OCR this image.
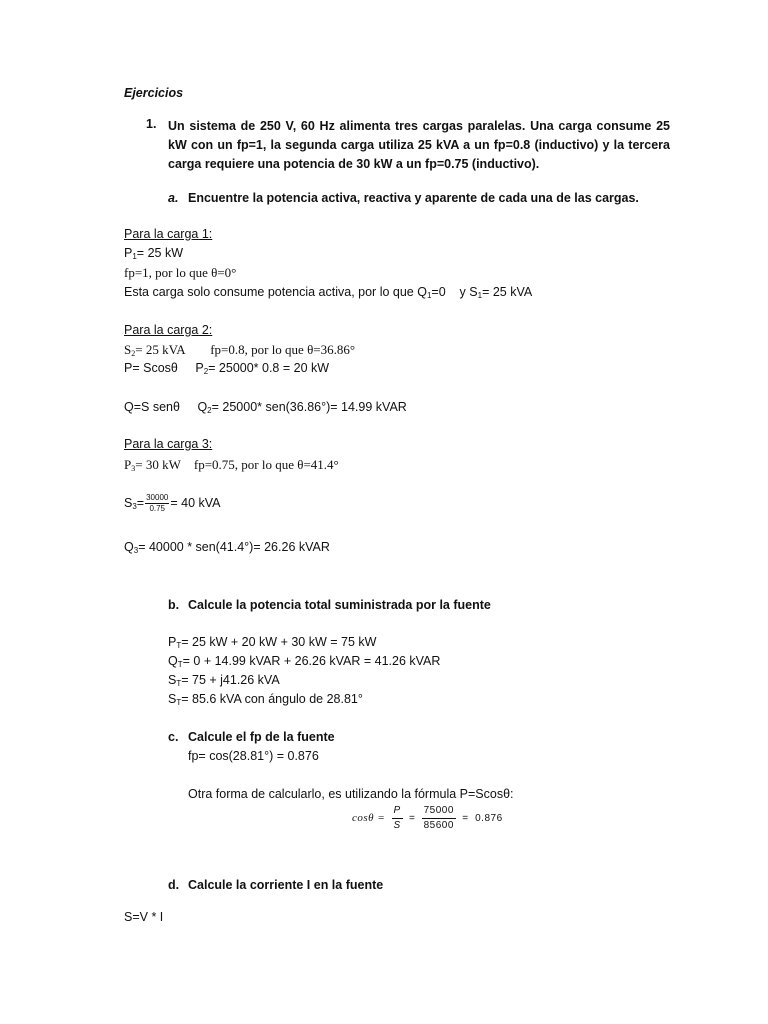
Ejercicios
1. Un sistema de 250 V, 60 Hz alimenta tres cargas paralelas. Una carga consume 25 kW con un fp=1, la segunda carga utiliza 25 kVA a un fp=0.8 (inductivo) y la tercera carga requiere una potencia de 30 kW a un fp=0.75 (inductivo).
a. Encuentre la potencia activa, reactiva y aparente de cada una de las cargas.
Para la carga 1:
$P_1= 25$ kW
fp=1, por lo que θ=0°
Esta carga solo consume potencia activa, por lo que $Q_1=0$    y $S_1= 25$ kVA
Para la carga 2:
$S_2= 25$ kVA fp=0.8, por lo que θ=36.86°
P= Scosθ $P_2= 25000*$ 0.8 = 20 kW
Q=S senθ $Q_2= 25000*$ sen(36.86°)= 14.99 kVAR
Para la carga 3:
$P_3= 30$ kW fp=0.75, por lo que θ=41.4°
$S_3= \frac{30000}{0.75} = 40$ kVA
$Q_3= 40000 * sen(41.4^\circ)= 26.26$ kVAR
b. Calcule la potencia total suministrada por la fuente
$P_T= 25$ kW + 20 kW + 30 kW = 75 kW
$Q_T= 0 + 14.99$ kVAR + 26.26 kVAR = 41.26 kVAR
$S_T= 75 + j41.26$ kVA
$S_T= 85.6$ kVA con ángulo de 28.81°
c. Calcule el fp de la fuente
fp= cos(28.81°) = 0.876
Otra forma de calcularlo, es utilizando la fórmula P=Scosθ:
$\cos\theta = \frac{P}{S} = \frac{75000}{85600} = 0.876$
d. Calcule la corriente I en la fuente
S=V * I
